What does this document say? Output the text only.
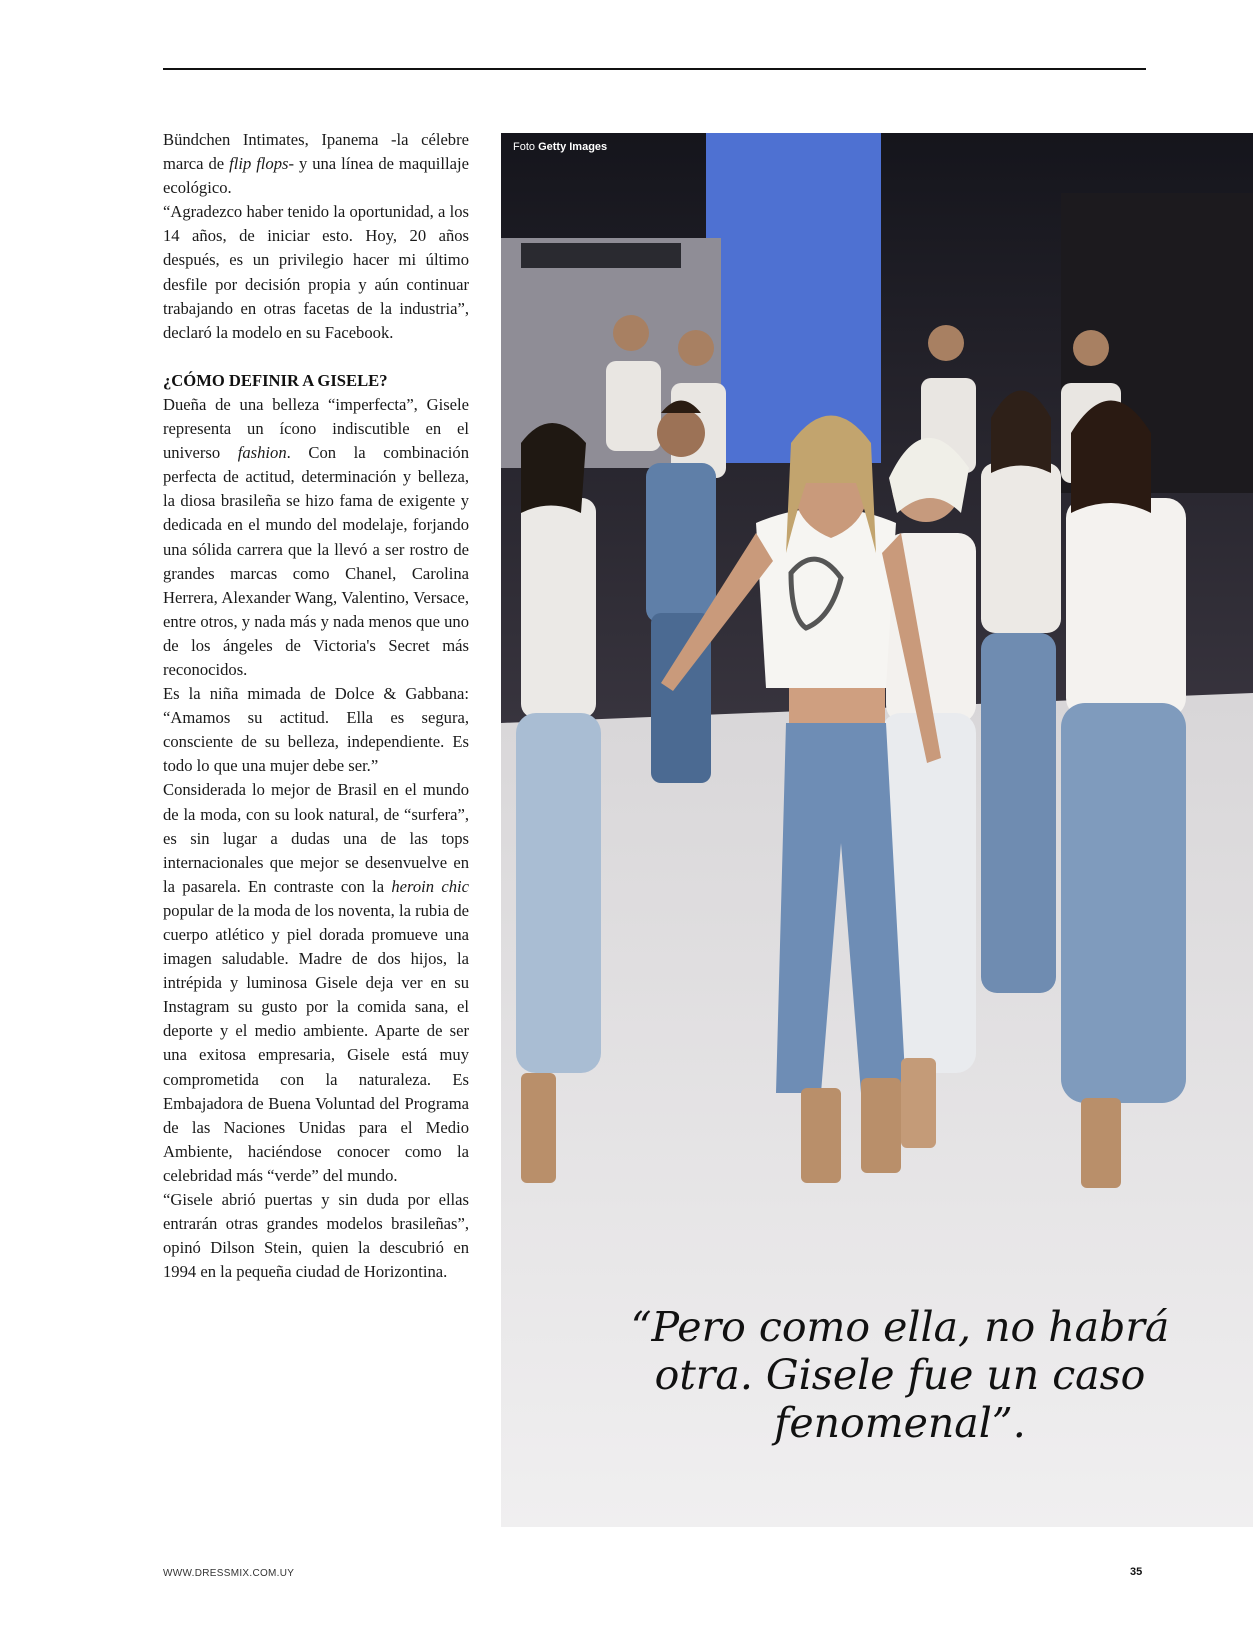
Bündchen Intimates, Ipanema -la célebre marca de flip flops- y una línea de maquillaje ecológico.

“Agradezco haber tenido la oportunidad, a los 14 años, de iniciar esto. Hoy, 20 años después, es un privilegio hacer mi último desfile por decisión propia y aún continuar trabajando en otras facetas de la industria”, declaró la modelo en su Facebook.

¿CÓMO DEFINIR A GISELE?

Dueña de una belleza “imperfecta”, Gisele representa un ícono indiscutible en el universo fashion. Con la combinación perfecta de actitud, determinación y belleza, la diosa brasileña se hizo fama de exigente y dedicada en el mundo del modelaje, forjando una sólida carrera que la llevó a ser rostro de grandes marcas como Chanel, Carolina Herrera, Alexander Wang, Valentino, Versace, entre otros, y nada más y nada menos que uno de los ángeles de Victoria's Secret más reconocidos.

Es la niña mimada de Dolce & Gabbana: “Amamos su actitud. Ella es segura, consciente de su belleza, independiente. Es todo lo que una mujer debe ser.”

Considerada lo mejor de Brasil en el mundo de la moda, con su look natural, de “surfera”, es sin lugar a dudas una de las tops internacionales que mejor se desenvuelve en la pasarela. En contraste con la heroin chic popular de la moda de los noventa, la rubia de cuerpo atlético y piel dorada promueve una imagen saludable. Madre de dos hijos, la intrépida y luminosa Gisele deja ver en su Instagram su gusto por la comida sana, el deporte y el medio ambiente. Aparte de ser una exitosa empresaria, Gisele está muy comprometida con la naturaleza. Es Embajadora de Buena Voluntad del Programa de las Naciones Unidas para el Medio Ambiente, haciéndose conocer como la celebridad más “verde” del mundo.

“Gisele abrió puertas y sin duda por ellas entrarán otras grandes modelos brasileñas”, opinó Dilson Stein, quien la descubrió en 1994 en la pequeña ciudad de Horizontina.

Foto Getty Images
“Pero como ella, no habrá otra. Gisele fue un caso fenomenal”.
WWW.DRESSMIX.COM.UY	35
